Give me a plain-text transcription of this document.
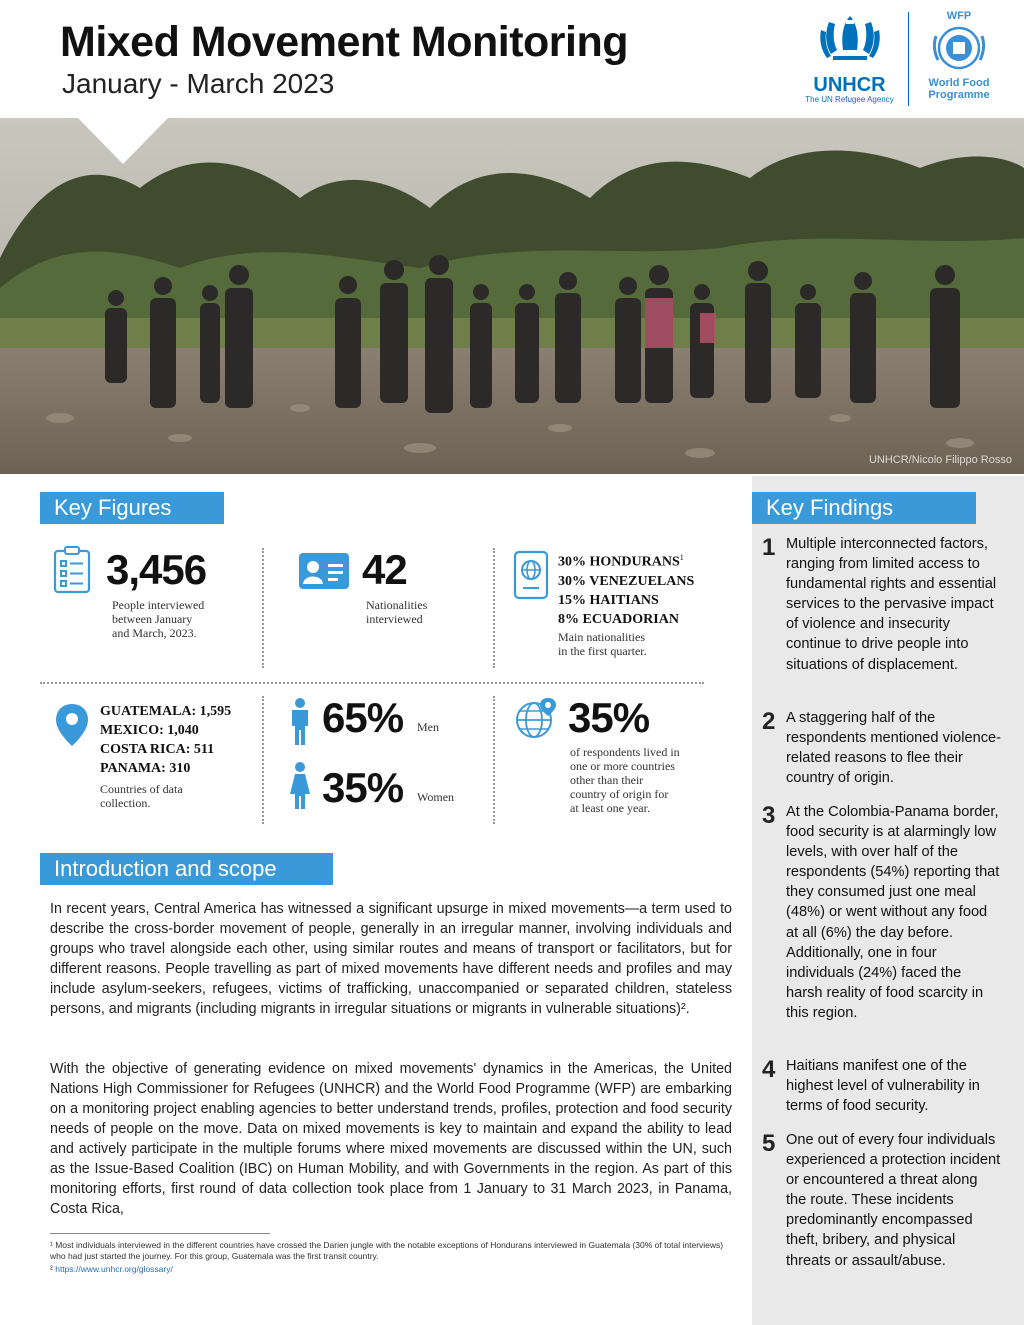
Mixed Movement Monitoring
January - March 2023	UNHCR
The UN Refugee Agency
WFP
World Food
Programme
UNHCR/Nicolo Filippo Rosso
Key Figures
3,456
People interviewed
between January
and March, 2023.
42
Nationalities
interviewed
30% HONDURANS$^1$
30% VENEZUELANS
15% HAITIANS
8% ECUADORIAN
Main nationalities
in the first quarter.
GUATEMALA: 1,595
MEXICO: 1,040
COSTA RICA: 511
PANAMA: 310
Countries of data
collection.
65% Men
35% Women
35%
of respondents lived in
one or more countries
other than their
country of origin for
at least one year.
Introduction and scope
In recent years, Central America has witnessed a significant upsurge in mixed movements—a term used to describe the cross-border movement of people, generally in an irregular manner, involving individuals and groups who travel alongside each other, using similar routes and means of transport or facilitators, but for different reasons. People travelling as part of mixed movements have different needs and profiles and may include asylum-seekers, refugees, victims of trafficking, unaccompanied or separated children, stateless persons, and migrants (including migrants in irregular situations or migrants in vulnerable situations)².
With the objective of generating evidence on mixed movements' dynamics in the Americas, the United Nations High Commissioner for Refugees (UNHCR) and the World Food Programme (WFP) are embarking on a monitoring project enabling agencies to better understand trends, profiles, protection and food security needs of people on the move. Data on mixed movements is key to maintain and expand the ability to lead and actively participate in the multiple forums where mixed movements are discussed within the UN, such as the Issue-Based Coalition (IBC) on Human Mobility, and with Governments in the region. As part of this monitoring efforts, first round of data collection took place from 1 January to 31 March 2023, in Panama, Costa Rica,
¹ Most individuals interviewed in the different countries have crossed the Darien jungle with the notable exceptions of Hondurans interviewed in Guatemala (30% of total interviews) who had just started the journey. For this group, Guatemala was the first transit country.
² https://www.unhcr.org/glossary/
Key Findings
1 Multiple interconnected factors, ranging from limited access to fundamental rights and essential services to the pervasive impact of violence and insecurity continue to drive people into situations of displacement.
2 A staggering half of the respondents mentioned violence-related reasons to flee their country of origin.
3 At the Colombia-Panama border, food security is at alarmingly low levels, with over half of the respondents (54%) reporting that they consumed just one meal (48%) or went without any food at all (6%) the day before. Additionally, one in four individuals (24%) faced the harsh reality of food scarcity in this region.
4 Haitians manifest one of the highest level of vulnerability in terms of food security.
5 One out of every four individuals experienced a protection incident or encountered a threat along the route. These incidents predominantly encompassed theft, bribery, and physical threats or assault/abuse.
